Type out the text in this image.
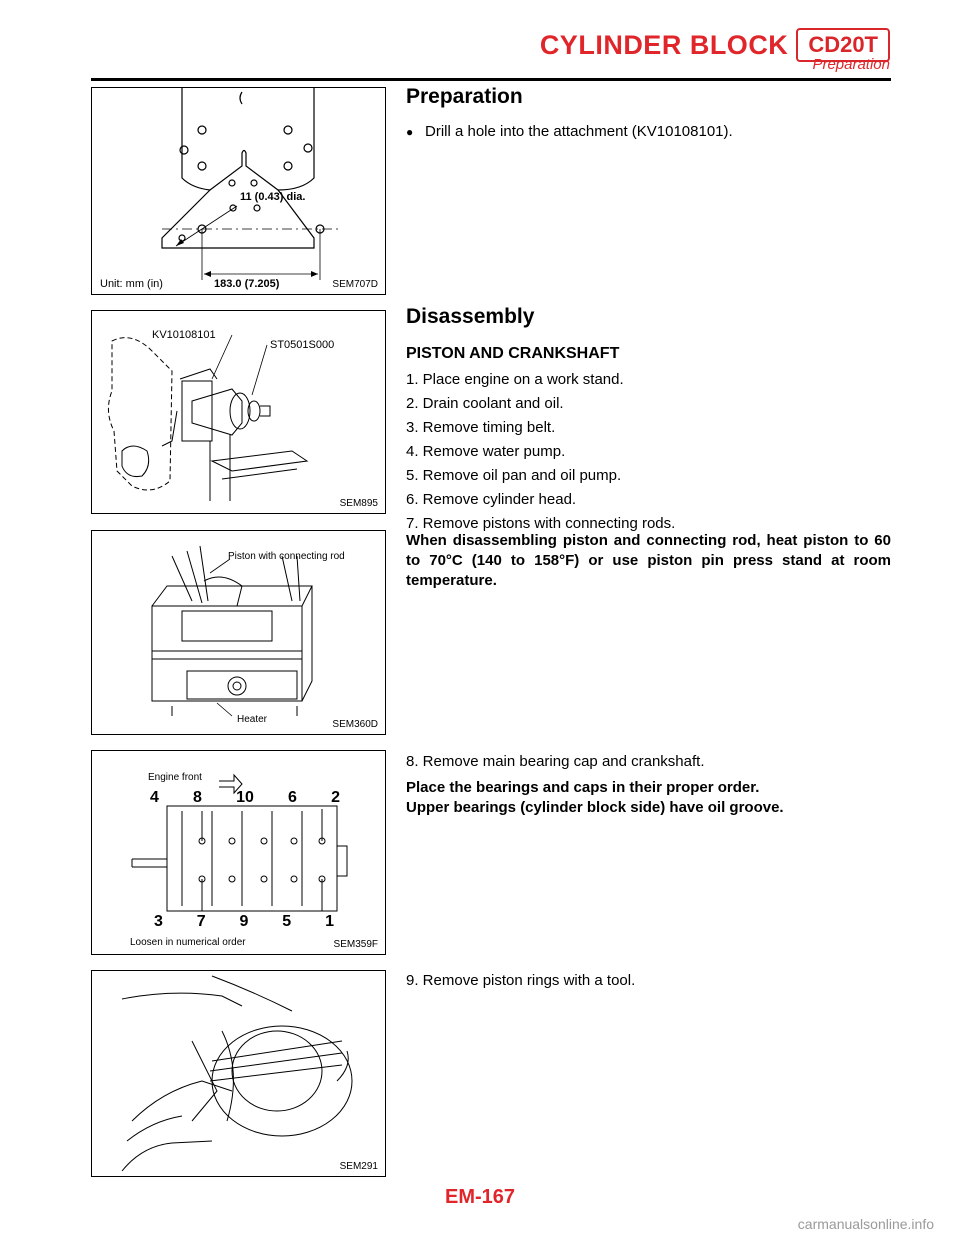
CYLINDER BLOCK CD20T
Preparation
11 (0.43) dia.
Unit: mm (in)	183.0 (7.205)	SEM707D
KV10108101
ST0501S000
SEM895
Piston with connecting rod
Heater	SEM360D
Engine front
4 8 10 6 2
3 7 9 5 1
Loosen in numerical order	SEM359F
SEM291
Preparation

● Drill a hole into the attachment (KV10108101).

Disassembly
PISTON AND CRANKSHAFT

1. Place engine on a work stand.

2. Drain coolant and oil.

3. Remove timing belt.

4. Remove water pump.

5. Remove oil pan and oil pump.

6. Remove cylinder head.

7. Remove pistons with connecting rods.

When disassembling piston and connecting rod, heat piston to 60 to 70°C (140 to 158°F) or use piston pin press stand at room temperature.

8. Remove main bearing cap and crankshaft.

Place the bearings and caps in their proper order.

Upper bearings (cylinder block side) have oil groove.

9. Remove piston rings with a tool.

EM-167
carmanualsonline.info
